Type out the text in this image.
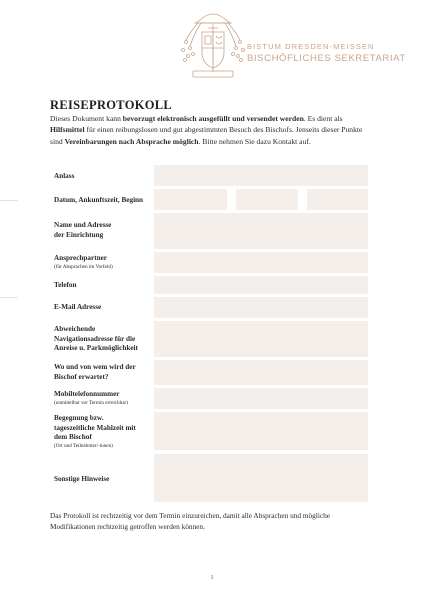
BISTUM DRESDEN-MEISSEN
BISCHÖFLICHES SEKRETARIAT
REISEPROTOKOLL
Dieses Dokument kann bevorzugt elektronisch ausgefüllt und versendet werden. Es dient als Hilfsmittel für einen reibungslosen und gut abgestimmten Besuch des Bischofs. Jenseits dieser Punkte sind Vereinbarungen nach Absprache möglich. Bitte nehmen Sie dazu Kontakt auf.
Anlass
Datum, Ankunftszeit, Beginn
Name und Adresse
der Einrichtung
Ansprechpartner
(für Absprachen im Vorfeld)
Telefon
E-Mail Adresse
Abweichende
Navigationsadresse für die
Anreise u. Parkmöglichkeit
Wo und von wem wird der
Bischof erwartet?
Mobiltelefonnummer
(unmittelbar vor Termin erreichbar)
Begegnung bzw.
tageszeitliche Mahlzeit mit
dem Bischof
(Ort und Teilnehmer/-innen)
Sonstige Hinweise
Das Protokoll ist rechtzeitig vor dem Termin einzureichen, damit alle Absprachen und mögliche Modifikationen rechtzeitig getroffen werden können.
1
